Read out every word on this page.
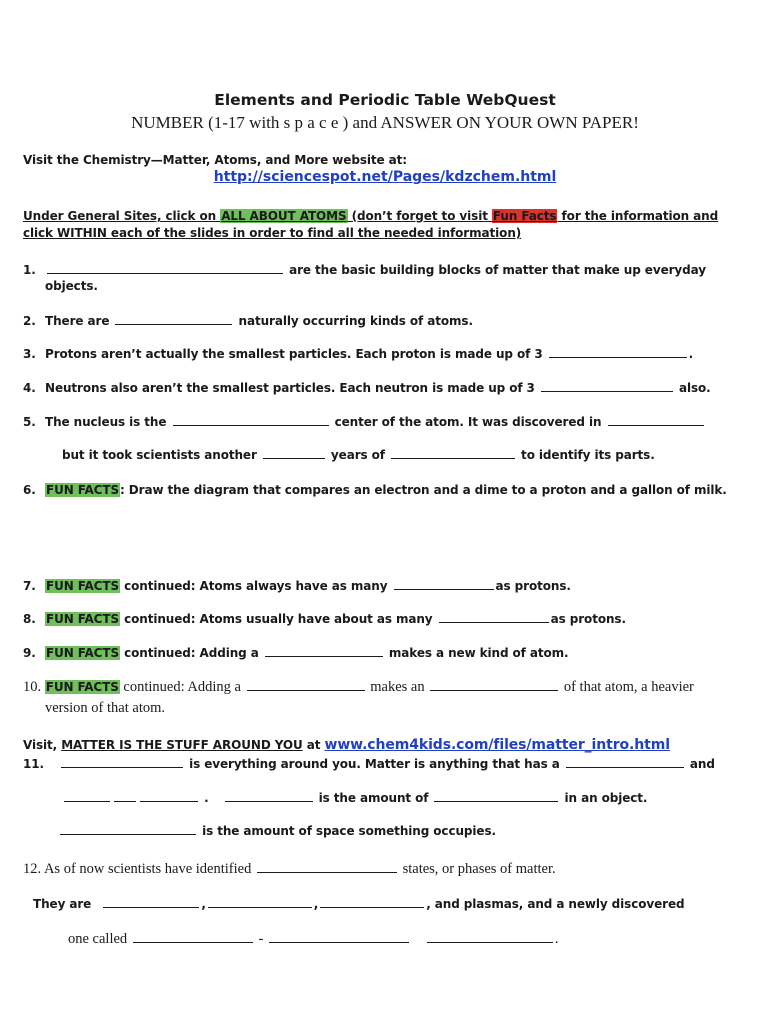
Elements and Periodic Table WebQuest
NUMBER (1-17 with s p a c e ) and ANSWER ON YOUR OWN PAPER!
Visit the Chemistry—Matter, Atoms, and More website at:
http://sciencespot.net/Pages/kdzchem.html
Under General Sites, click on ALL ABOUT ATOMS (don’t forget to visit Fun Facts for the information and
click WITHIN each of the slides in order to find all the needed information)
1.	are the basic building blocks of matter that make up everyday
objects.
2. There are	naturally occurring kinds of atoms.
3. Protons aren’t actually the smallest particles. Each proton is made up of 3	.
4. Neutrons also aren’t the smallest particles. Each neutron is made up of 3	also.
5. The nucleus is the	center of the atom. It was discovered in
but it took scientists another	years of	to identify its parts.
6. FUN FACTS: Draw the diagram that compares an electron and a dime to a proton and a gallon of milk.
7. FUN FACTS continued: Atoms always have as many	as protons.
8. FUN FACTS continued: Atoms usually have about as many	as protons.
9. FUN FACTS continued: Adding a	makes a new kind of atom.
10. FUN FACTS continued: Adding a	makes an	of that atom, a heavier
version of that atom.
Visit, MATTER IS THE STUFF AROUND YOU at www.chem4kids.com/files/matter_intro.html
11.	is everything around you. Matter is anything that has a	and
.	is the amount of	in an object.
is the amount of space something occupies.
12. As of now scientists have identified	states, or phases of matter.
They are	,	,	, and plasmas, and a newly discovered
one called	-	.
